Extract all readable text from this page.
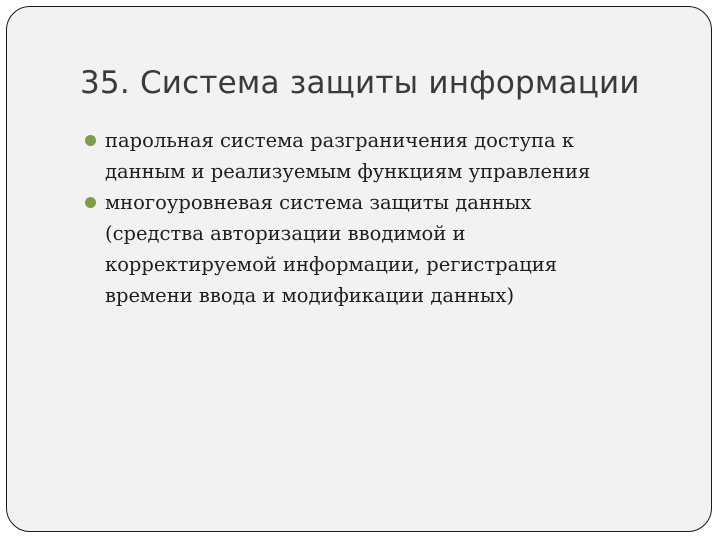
35. Система защиты информации
парольная система разграничения доступа к
данным и реализуемым функциям управления
многоуровневая система защиты данных
(средства авторизации вводимой и
корректируемой информации, регистрация
времени ввода и модификации данных)
